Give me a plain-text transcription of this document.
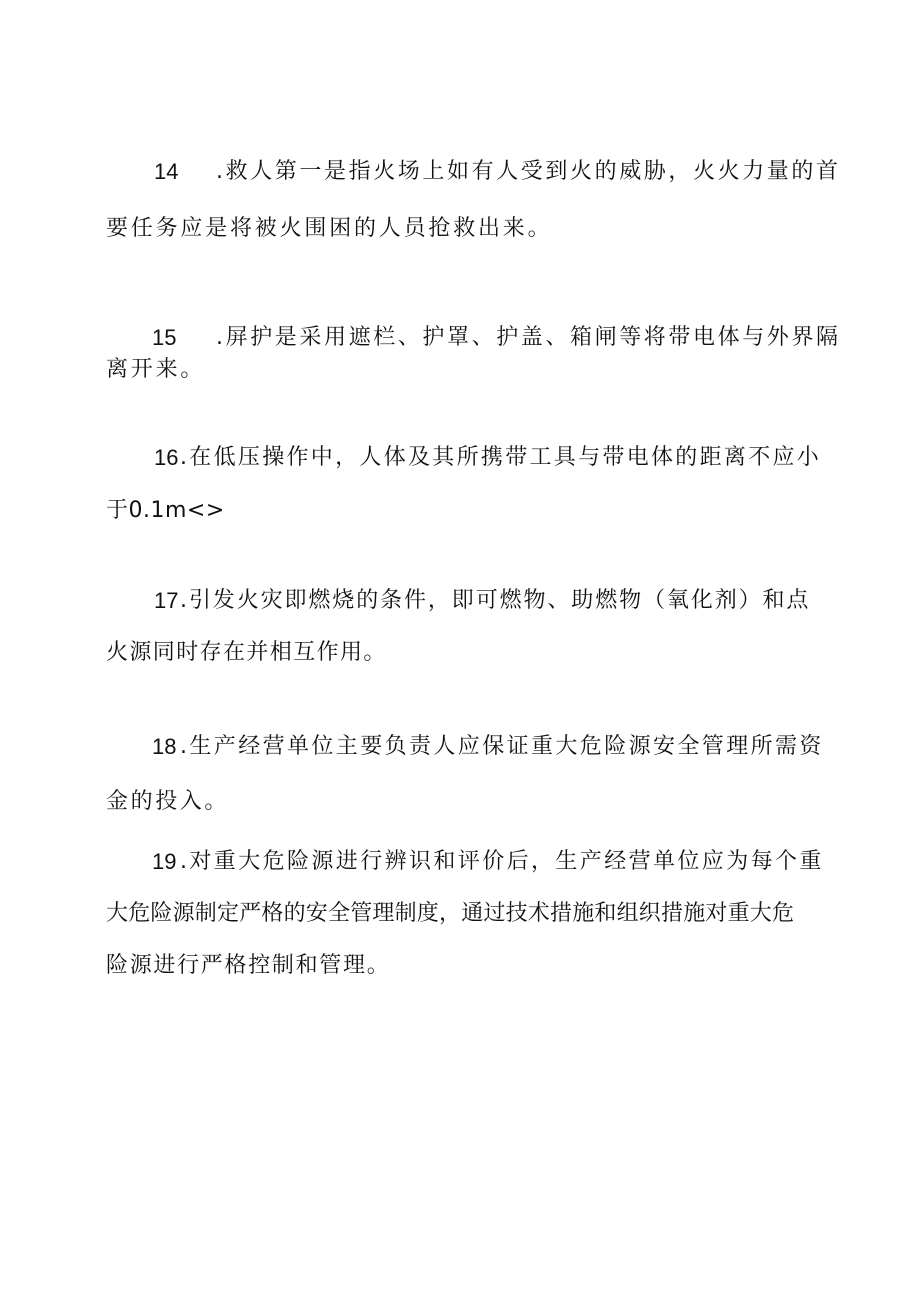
14 .救人第一是指火场上如有人受到火的威胁，火火力量的首
要任务应是将被火围困的人员抢救出来。
15 .屏护是采用遮栏、护罩、护盖、箱闸等将带电体与外界隔
离开来。
16 .在低压操作中，人体及其所携带工具与带电体的距离不应小
于0.1m<>
17 .引发火灾即燃烧的条件，即可燃物、助燃物（氧化剂）和点
火源同时存在并相互作用。
18 .生产经营单位主要负责人应保证重大危险源安全管理所需资
金的投入。
19 .对重大危险源进行辨识和评价后，生产经营单位应为每个重
大危险源制定严格的安全管理制度，通过技术措施和组织措施对重大危
险源进行严格控制和管理。
